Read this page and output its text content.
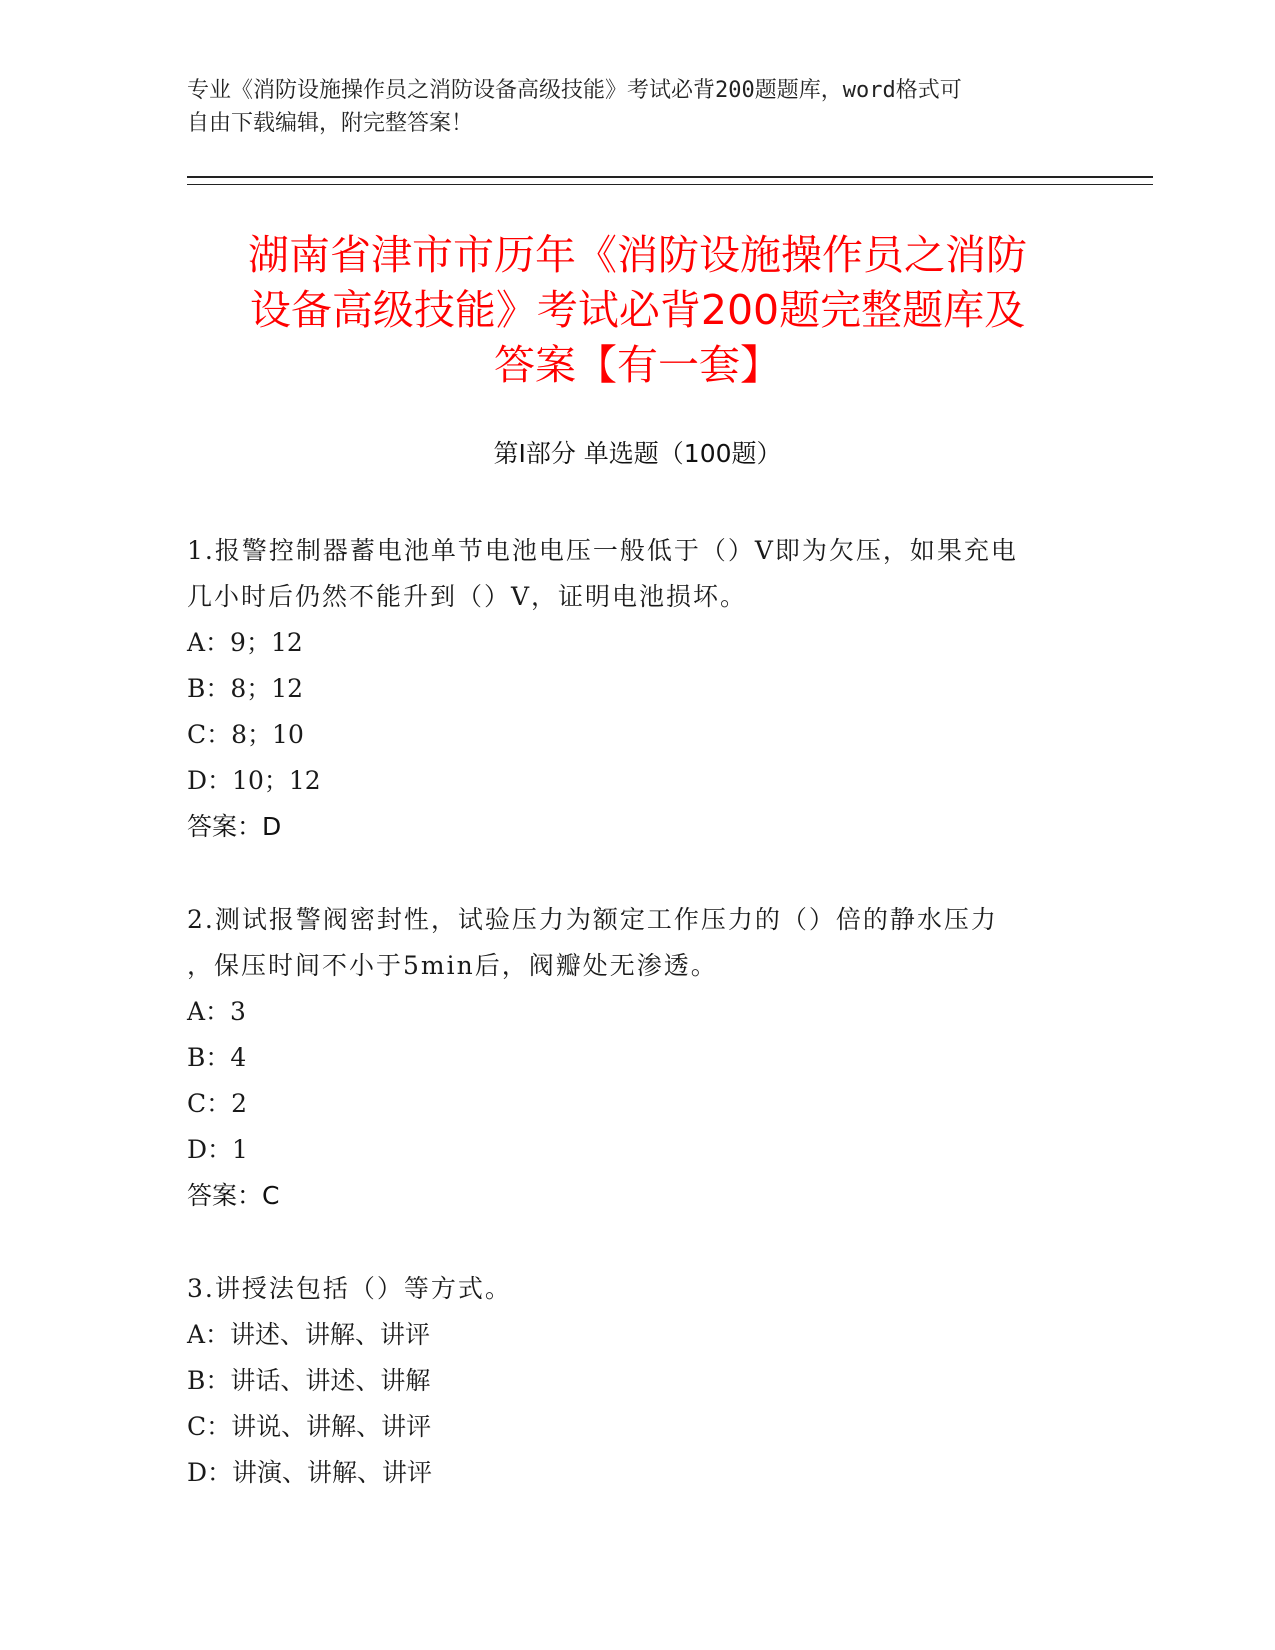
专业《消防设施操作员之消防设备高级技能》考试必背200题题库，word格式可
自由下载编辑，附完整答案！
湖南省津市市历年《消防设施操作员之消防
设备高级技能》考试必背200题完整题库及
答案【有一套】
第Ⅰ部分 单选题（100题）
1.报警控制器蓄电池单节电池电压一般低于（）V即为欠压，如果充电
几小时后仍然不能升到（）V，证明电池损坏。
A：9；12
B：8；12
C：8；10
D：10；12
答案：D
2.测试报警阀密封性，试验压力为额定工作压力的（）倍的静水压力
，保压时间不小于5min后，阀瓣处无渗透。
A：3
B：4
C：2
D：1
答案：C
3.讲授法包括（）等方式。
A：讲述、讲解、讲评
B：讲话、讲述、讲解
C：讲说、讲解、讲评
D：讲演、讲解、讲评
